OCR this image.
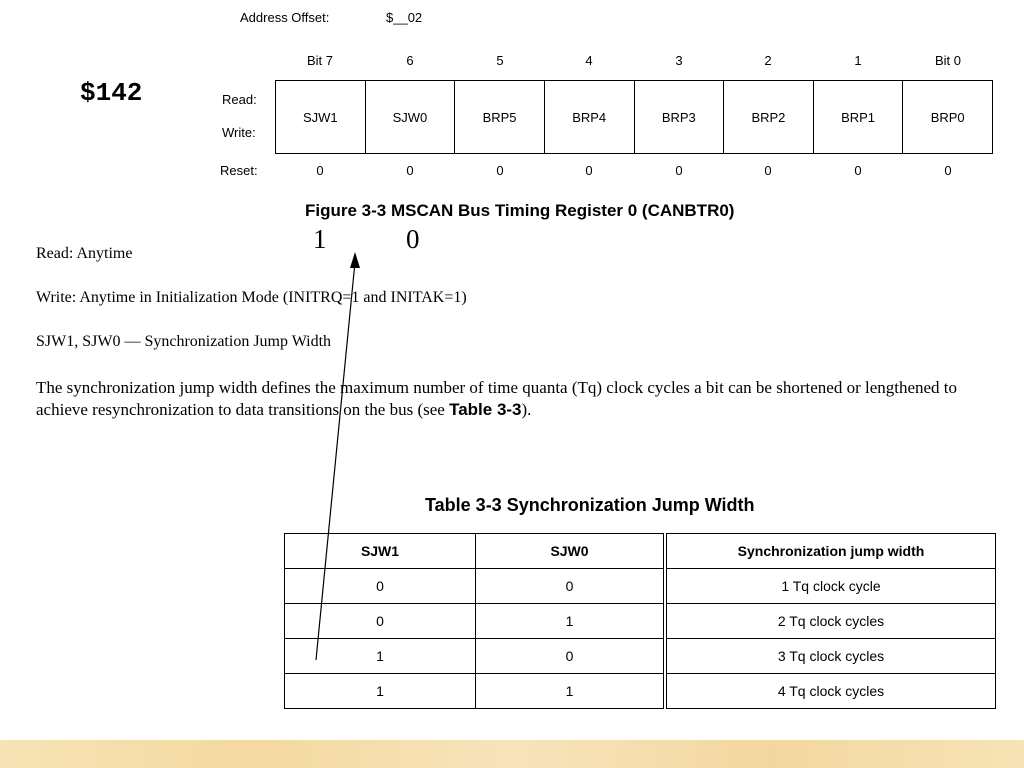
Address Offset:	$__02
Bit 7	6	5	4	3	2	1	Bit 0
$142	Read:
Write:
SJW1	SJW0	BRP5	BRP4	BRP3	BRP2	BRP1	BRP0
Reset:	0	0	0	0	0	0	0	0
Figure 3-3 MSCAN Bus Timing Register 0 (CANBTR0)
1	0
Read: Anytime
Write: Anytime in Initialization Mode (INITRQ=1 and INITAK=1)
SJW1, SJW0 — Synchronization Jump Width
The synchronization jump width defines the maximum number of time quanta (Tq) clock cycles a bit can be shortened or lengthened to achieve resynchronization to data transitions on the bus (see Table 3-3).
Table 3-3 Synchronization Jump Width
SJW1	SJW0	Synchronization jump width
0	0	1 Tq clock cycle
0	1	2 Tq clock cycles
1	0	3 Tq clock cycles
1	1	4 Tq clock cycles
